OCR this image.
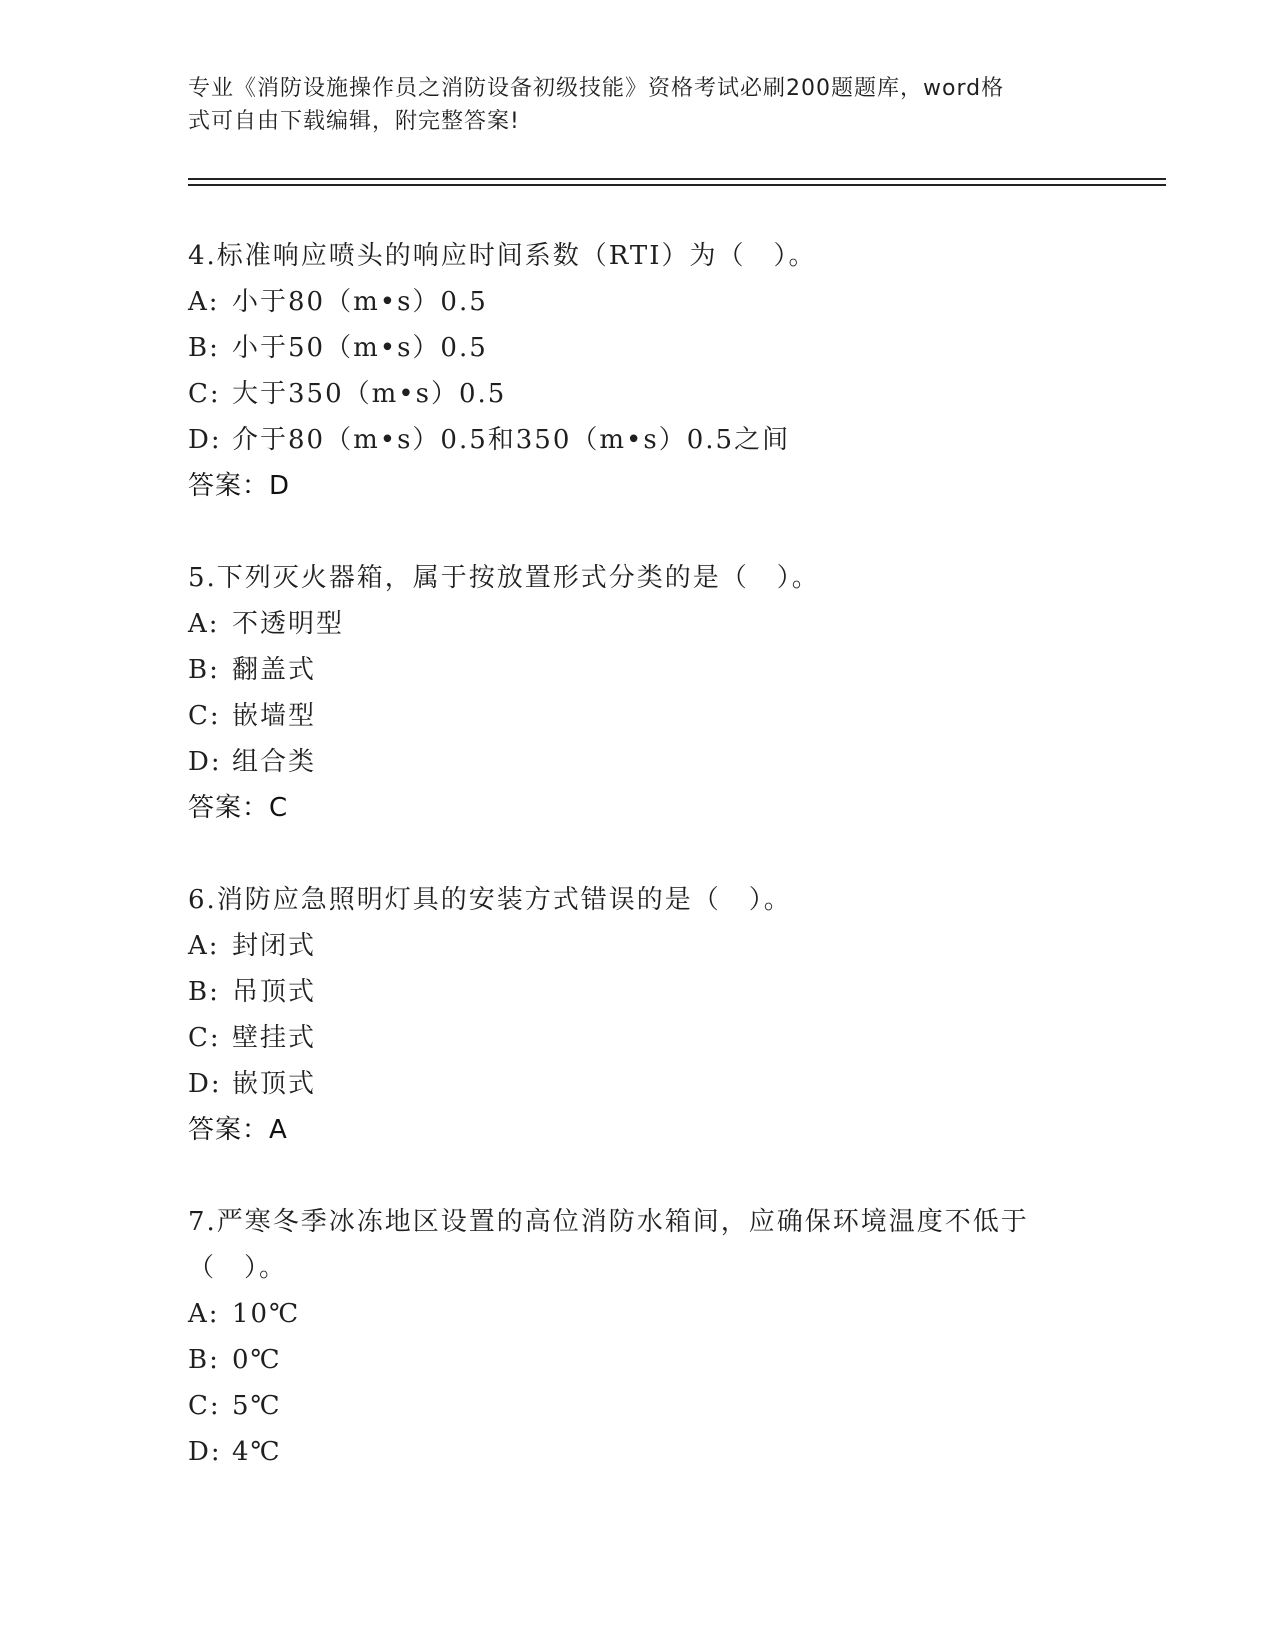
专业《消防设施操作员之消防设备初级技能》资格考试必刷200题题库，word格
式可自由下载编辑，附完整答案!

4.标准响应喷头的响应时间系数（RTI）为（　）。

A: 小于80（m•s）0.5

B: 小于50（m•s）0.5

C: 大于350（m•s）0.5

D: 介于80（m•s）0.5和350（m•s）0.5之间

答案：D

5.下列灭火器箱，属于按放置形式分类的是（　）。

A: 不透明型

B: 翻盖式

C: 嵌墙型

D: 组合类

答案：C

6.消防应急照明灯具的安装方式错误的是（　）。

A: 封闭式

B: 吊顶式

C: 壁挂式

D: 嵌顶式

答案：A

7.严寒冬季冰冻地区设置的高位消防水箱间，应确保环境温度不低于

（　）。

A: 10℃

B: 0℃

C: 5℃

D: 4℃
